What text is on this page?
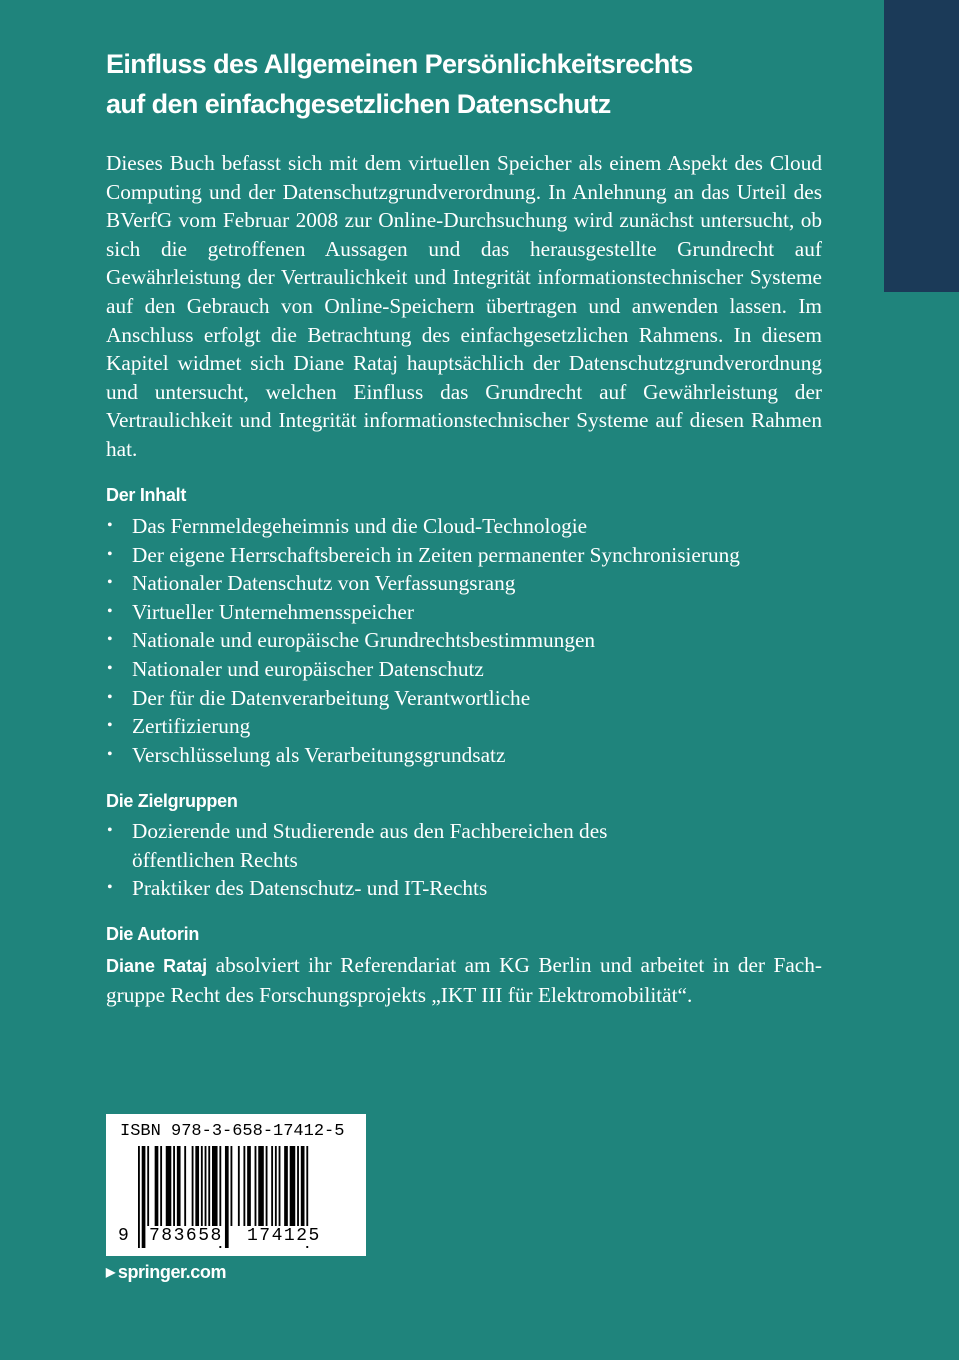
Einfluss des Allgemeinen Persönlichkeitsrechts
auf den einfachgesetzlichen Datenschutz
Dieses Buch befasst sich mit dem virtuellen Speicher als einem Aspekt des Cloud Computing und der Datenschutzgrundverordnung. In Anlehnung an das Urteil des BVerfG vom Februar 2008 zur Online-Durchsuchung wird zunächst untersucht, ob sich die getroffenen Aussagen und das herausgestellte Grundrecht auf Gewährleistung der Vertraulichkeit und Integrität informationstechnischer Systeme auf den Gebrauch von Online-Speichern übertragen und anwenden lassen. Im Anschluss erfolgt die Betrachtung des einfachgesetzlichen Rahmens. In diesem Kapitel widmet sich Diane Rataj hauptsächlich der Datenschutzgrundverordnung und untersucht, welchen Einfluss das Grundrecht auf Gewährleistung der Vertraulichkeit und Integrität informationstechnischer Systeme auf diesen Rahmen hat.
Der Inhalt
• Das Fernmeldegeheimnis und die Cloud-Technologie
• Der eigene Herrschaftsbereich in Zeiten permanenter Synchronisierung
• Nationaler Datenschutz von Verfassungsrang
• Virtueller Unternehmensspeicher
• Nationale und europäische Grundrechtsbestimmungen
• Nationaler und europäischer Datenschutz
• Der für die Datenverarbeitung Verantwortliche
• Zertifizierung
• Verschlüsselung als Verarbeitungsgrundsatz
Die Zielgruppen
• Dozierende und Studierende aus den Fachbereichen des öffentlichen Rechts
• Praktiker des Datenschutz- und IT-Rechts
Die Autorin
Diane Rataj absolviert ihr Referendariat am KG Berlin und arbeitet in der Fachgruppe Recht des Forschungsprojekts „IKT III für Elektromobilität“.
ISBN 978-3-658-17412-5
9 783658 174125
▶ springer.com
